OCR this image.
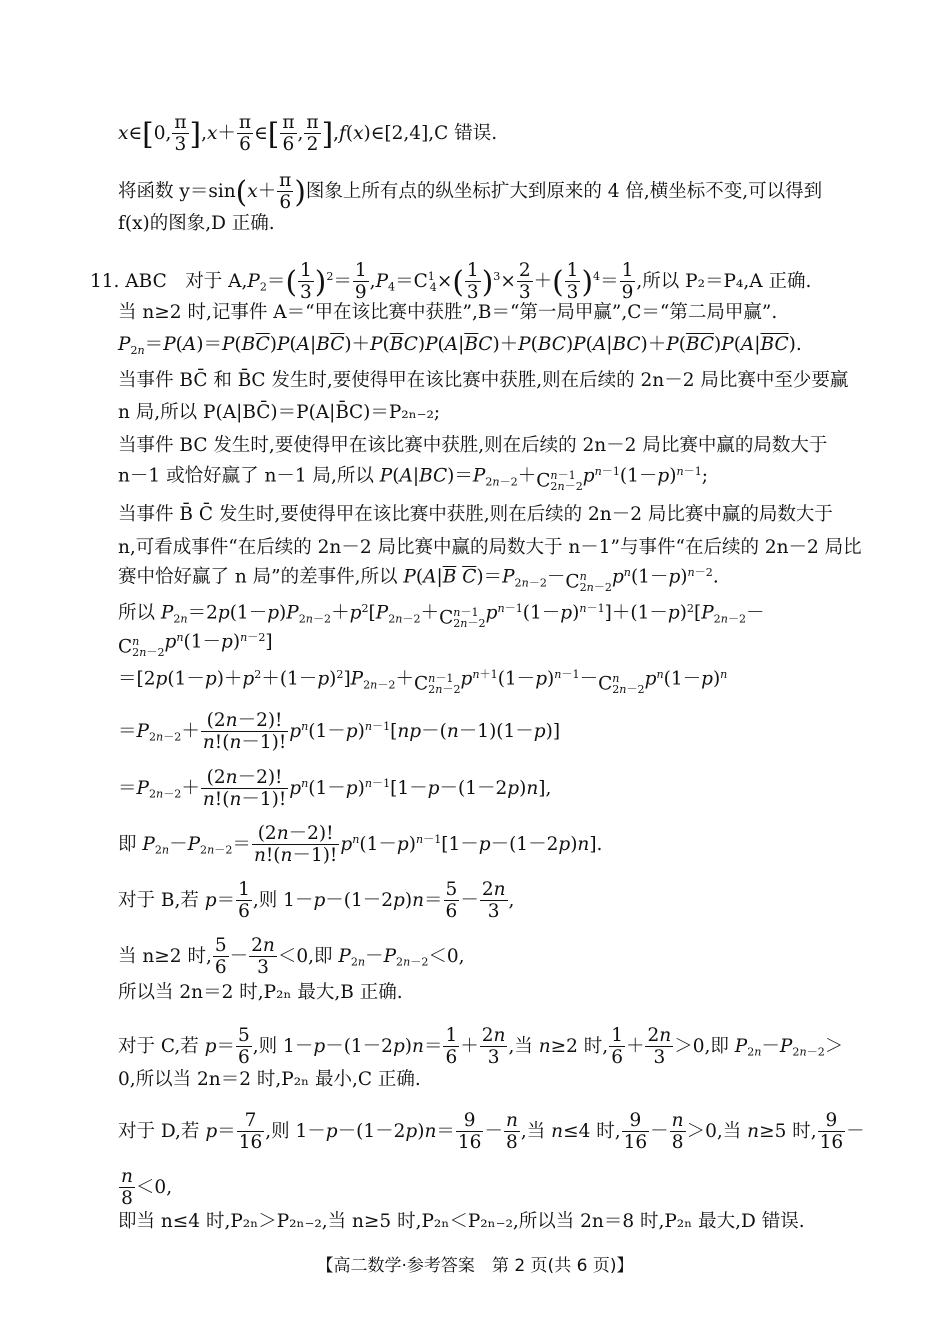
x∈[0, $\frac{\pi}{3} ],x+ \frac{\pi}{6}$ ∈[ $\frac{\pi}{6}$ , $\frac{\pi}{2}$ ],f(x)∈[2,4],C 错误.
将函数 $y=\sin(x+ \frac{\pi}{6}$ )图象上所有点的纵坐标扩大到原来的 4 倍,横坐标不变,可以得到
f(x)的图象,D 正确.
11. ABC　 对于 $A,P_2=( \frac{1}{3} )^2= \frac{1}{9} ,P_4=C^1_4\times( \frac{1}{3} )^3\times \frac{2}{3}$ ＋( $\frac{1}{3} )^4= \frac{1}{9}$ ,所以 P₂＝P₄,A 正确.
当 n≥2 时,记事件 A＝“甲在该比赛中获胜”,B＝“第一局甲赢”,C＝“第二局甲赢”.
$P_{2n}=P(A)=P(B\overline{C})P(A|B\overline{C})+P(\overline{B}C)P(A|\overline{B}C)+P(BC)P(A|BC)+P(\overline{B}\overline{C})P(A|\overline{B}\overline{C})$.
当事件 BC̄ 和 B̄C 发生时,要使得甲在该比赛中获胜,则在后续的 2n－2 局比赛中至少要赢
n 局,所以 P(A|BC̄)＝P(A|B̄C)＝P₂ₙ₋₂;
当事件 BC 发生时,要使得甲在该比赛中获胜,则在后续的 2n－2 局比赛中赢的局数大于
n－1 或恰好赢了 n－1 局,所以 $P(A|BC)=P_{2n-2}+C$ n－1
2n－2
$p^{n-1}(1-p)^{n-1}$;
当事件 B̄ C̄ 发生时,要使得甲在该比赛中获胜,则在后续的 2n－2 局比赛中赢的局数大于
n,可看成事件“在后续的 2n－2 局比赛中赢的局数大于 n－1”与事件“在后续的 2n－2 局比
赛中恰好赢了 n 局”的差事件,所以 $P(A|\overline{B}$ $\overline{C})=P_{2n-2}-C$ n
2n－2
$p^n(1-p)^{n-2}$.
所以 $P_{2n}=2p(1-p)P_{2n-2}+p^2[P_{2n-2}+C$ n－1
2n－2
$p^{n-1}(1-p)^{n-1}]+(1-p)^2[P_{2n-2}-$
C n
2n－2
$p^n(1-p)^{n-2}$]
$=[2p(1-p)+p^2+(1-p)^2]P_{2n-2}+C$ n－1
2n－2
$p^{n+1}(1-p)^{n-1}-C$ n
2n－2
$p^n(1-p)^n$
$=P_{2n-2}+ \frac{(2n-2)!}{n!(n-1)!} p^n(1-p)^{n-1}[np-(n-1)(1-p)]$
$=P_{2n-2}+ \frac{(2n-2)!}{n!(n-1)!} p^n(1-p)^{n-1}[1-p-(1-2p)n]$,
即 $P_{2n}-P_{2n-2}= \frac{(2n-2)!}{n!(n-1)!} p^n(1-p)^{n-1}[1-p-(1-2p)n]$.
对于 B,若 $p= \frac{1}{6}$ ,则 $1-p-(1-2p)n= \frac{5}{6} - \frac{2n}{3}$ ,
当 n≥2 时, $\frac{5}{6} - \frac{2n}{3} <0$,即 $P_{2n}-P_{2n-2}<0$,
所以当 2n＝2 时,P₂ₙ 最大,B 正确.
对于 C,若 $p= \frac{5}{6}$ ,则 $1-p-(1-2p)n= \frac{1}{6} + \frac{2n}{3}$ ,当 n≥2 时, $\frac{1}{6} + \frac{2n}{3} >0$,即 $P_{2n}-P_{2n-2}>$
0,所以当 2n＝2 时,P₂ₙ 最小,C 正确.
对于 D,若 $p= \frac{7}{16}$ ,则 $1-p-(1-2p)n= \frac{9}{16} - \frac{n}{8}$ ,当 n≤4 时, $\frac{9}{16} - \frac{n}{8} >0$,当 n≥5 时, $\frac{9}{16}$ －
$\frac{n}{8} <0$,
即当 n≤4 时,P₂ₙ＞P₂ₙ₋₂,当 n≥5 时,P₂ₙ＜P₂ₙ₋₂,所以当 2n＝8 时,P₂ₙ 最大,D 错误.
【高二数学·参考答案　第 2 页(共 6 页)】
